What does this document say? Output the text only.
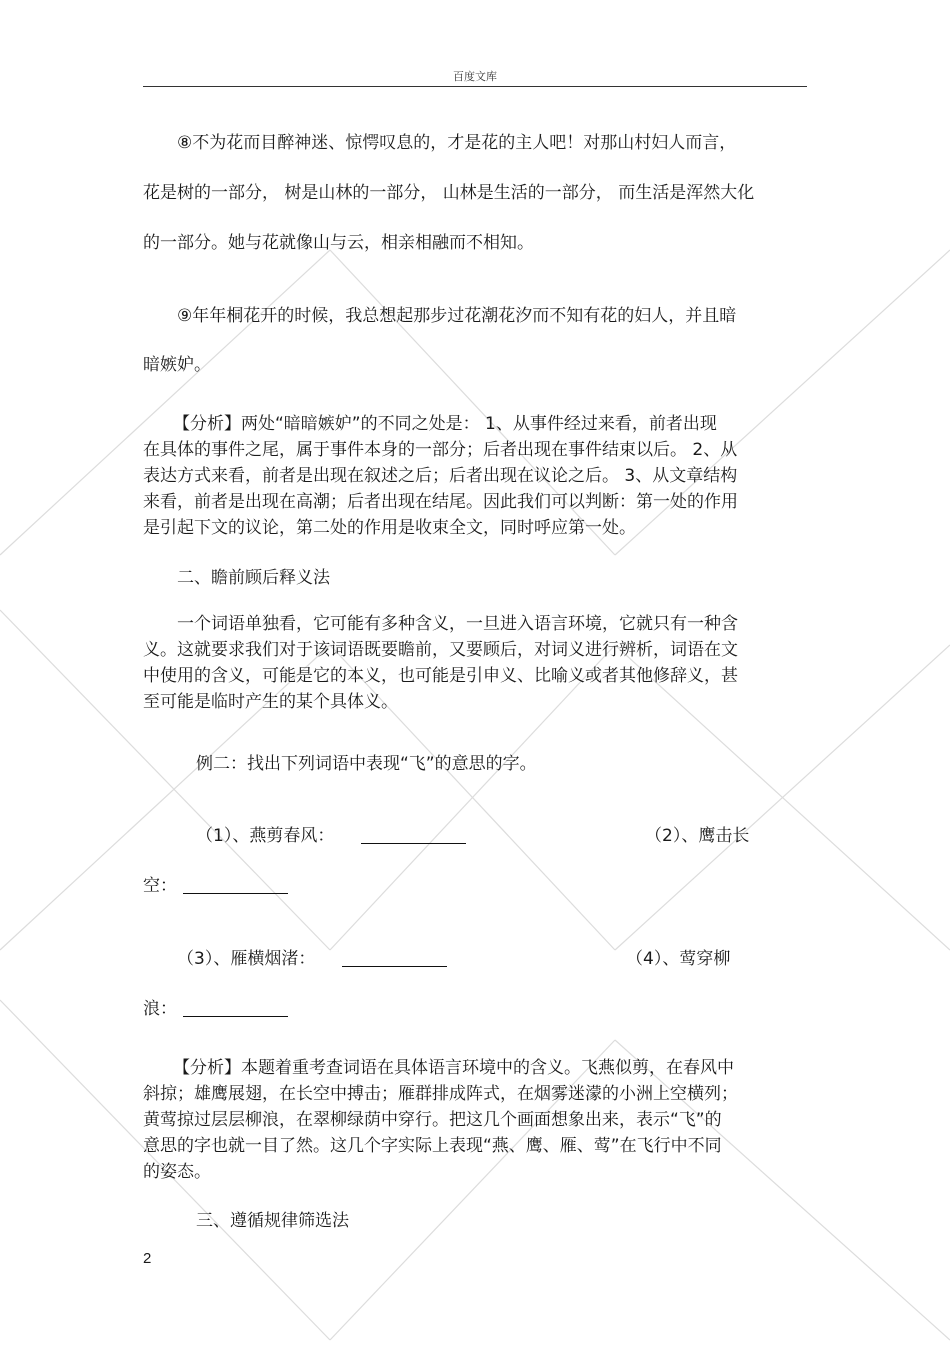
百度文库
⑧不为花而目醉神迷、惊愕叹息的，才是花的主人吧！对那山村妇人而言，
花是树的一部分， 树是山林的一部分， 山林是生活的一部分， 而生活是浑然大化
的一部分。她与花就像山与云，相亲相融而不相知。
⑨年年桐花开的时候，我总想起那步过花潮花汐而不知有花的妇人，并且暗
暗嫉妒。
【分析】两处“暗暗嫉妒”的不同之处是： 1、从事件经过来看，前者出现
在具体的事件之尾，属于事件本身的一部分；后者出现在事件结束以后。 2、从
表达方式来看，前者是出现在叙述之后；后者出现在议论之后。 3、从文章结构
来看，前者是出现在高潮；后者出现在结尾。因此我们可以判断：第一处的作用
是引起下文的议论，第二处的作用是收束全文，同时呼应第一处。
二、瞻前顾后释义法
一个词语单独看，它可能有多种含义，一旦进入语言环境，它就只有一种含
义。这就要求我们对于该词语既要瞻前，又要顾后，对词义进行辨析，词语在文
中使用的含义，可能是它的本义，也可能是引申义、比喻义或者其他修辞义，甚
至可能是临时产生的某个具体义。
例二：找出下列词语中表现“飞”的意思的字。
（1）、燕剪春风：	（2）、鹰击长
空：
（3）、雁横烟渚：	（4）、莺穿柳
浪：
【分析】本题着重考查词语在具体语言环境中的含义。飞燕似剪，在春风中
斜掠；雄鹰展翅，在长空中搏击；雁群排成阵式，在烟雾迷濛的小洲上空横列；
黄莺掠过层层柳浪，在翠柳绿荫中穿行。把这几个画面想象出来，表示“飞”的
意思的字也就一目了然。这几个字实际上表现“燕、鹰、雁、莺”在飞行中不同
的姿态。
三、遵循规律筛选法
2
